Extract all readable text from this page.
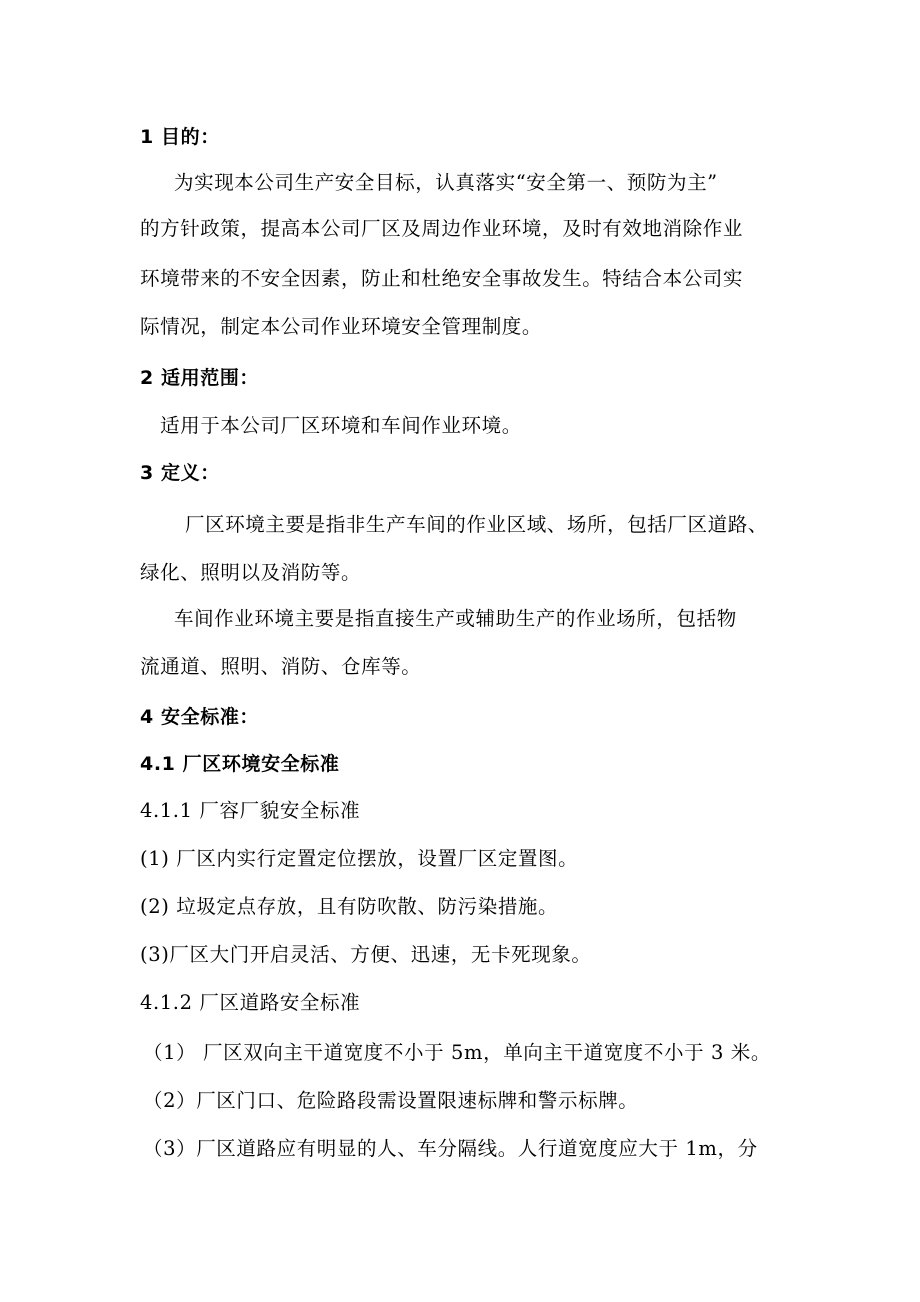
1 目的：
为实现本公司生产安全目标，认真落实“安全第一、预防为主”
的方针政策，提高本公司厂区及周边作业环境，及时有效地消除作业
环境带来的不安全因素，防止和杜绝安全事故发生。特结合本公司实
际情况，制定本公司作业环境安全管理制度。
2 适用范围：
适用于本公司厂区环境和车间作业环境。
3 定义：
厂区环境主要是指非生产车间的作业区域、场所，包括厂区道路、
绿化、照明以及消防等。
车间作业环境主要是指直接生产或辅助生产的作业场所，包括物
流通道、照明、消防、仓库等。
4 安全标准：
4.1 厂区环境安全标准
4.1.1 厂容厂貌安全标准
(1) 厂区内实行定置定位摆放，设置厂区定置图。
(2) 垃圾定点存放，且有防吹散、防污染措施。
(3)厂区大门开启灵活、方便、迅速，无卡死现象。
4.1.2 厂区道路安全标准
（1） 厂区双向主干道宽度不小于 5m，单向主干道宽度不小于 3 米。
（2）厂区门口、危险路段需设置限速标牌和警示标牌。
（3）厂区道路应有明显的人、车分隔线。人行道宽度应大于 1m，分
